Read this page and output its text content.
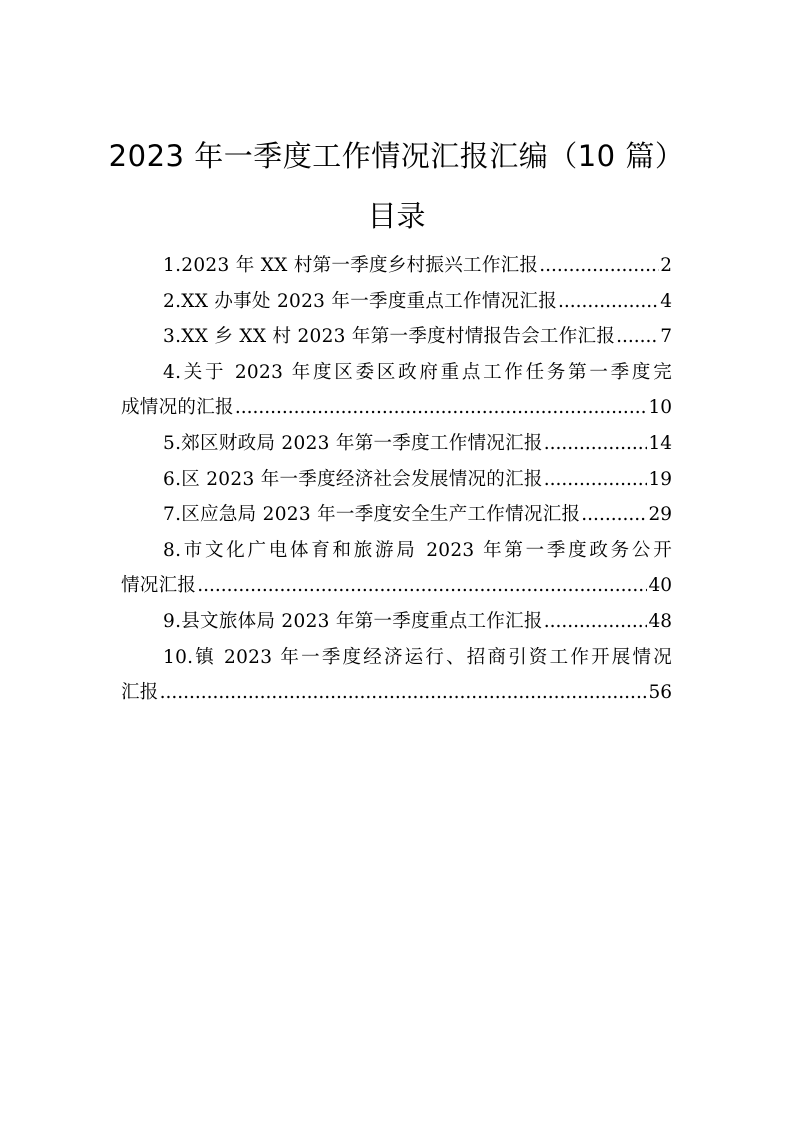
2023 年一季度工作情况汇报汇编（10 篇）
目录
1.2023 年 XX 村第一季度乡村振兴工作汇报 .....	2
2.XX 办事处 2023 年一季度重点工作情况汇报 .....	4
3.XX 乡 XX 村 2023 年第一季度村情报告会工作汇报 ..... 7
4.关于 2023 年度区委区政府重点工作任务第一季度完
成情况的汇报 .....	10
5.郊区财政局 2023 年第一季度工作情况汇报 .....	14
6.区 2023 年一季度经济社会发展情况的汇报 .....	19
7.区应急局 2023 年一季度安全生产工作情况汇报 .....	29
8.市文化广电体育和旅游局 2023 年第一季度政务公开
情况汇报 .....	40
9.县文旅体局 2023 年第一季度重点工作汇报 .....	48
10.镇 2023 年一季度经济运行、招商引资工作开展情况
汇报 .....	56
